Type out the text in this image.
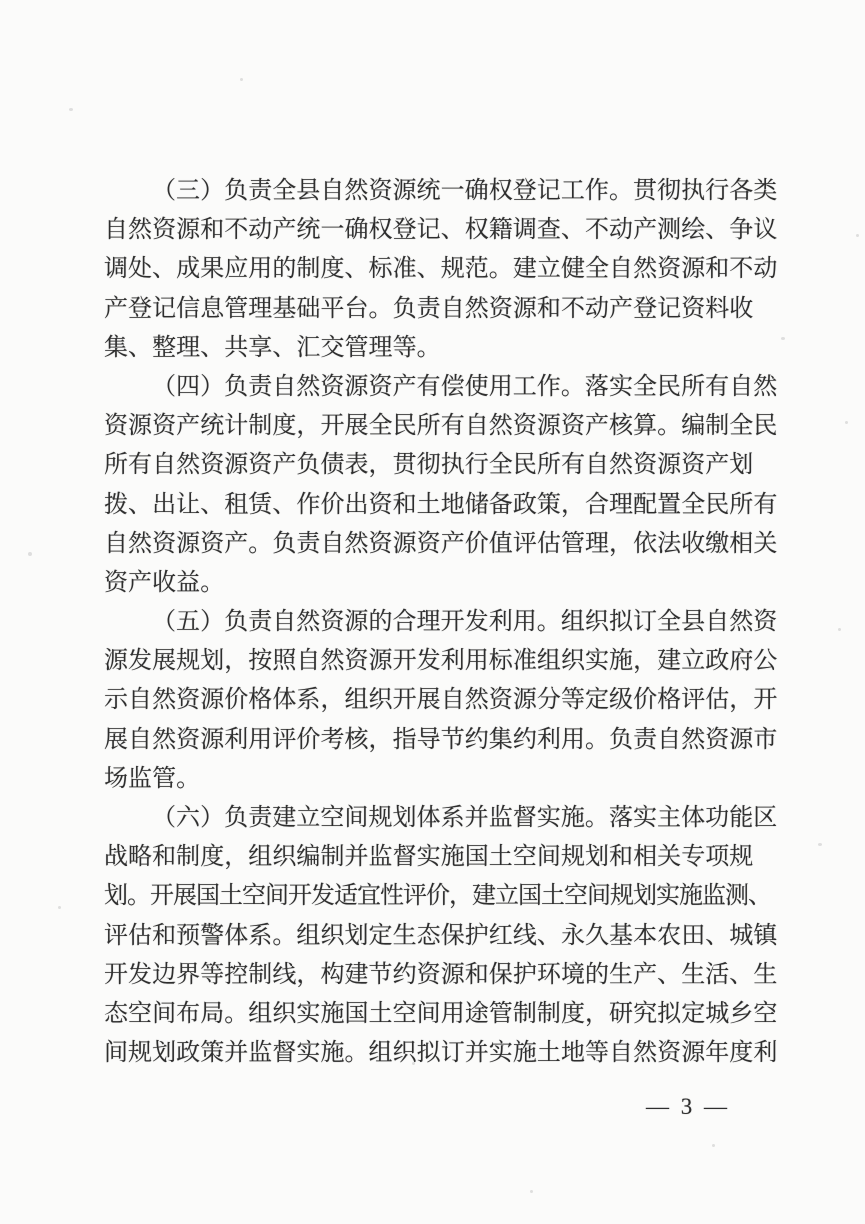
（三）负责全县自然资源统一确权登记工作。贯彻执行各类
自然资源和不动产统一确权登记、权籍调查、不动产测绘、争议
调处、成果应用的制度、标准、规范。建立健全自然资源和不动
产登记信息管理基础平台。负责自然资源和不动产登记资料收
集、整理、共享、汇交管理等。
（四）负责自然资源资产有偿使用工作。落实全民所有自然
资源资产统计制度，开展全民所有自然资源资产核算。编制全民
所有自然资源资产负债表，贯彻执行全民所有自然资源资产划
拨、出让、租赁、作价出资和土地储备政策，合理配置全民所有
自然资源资产。负责自然资源资产价值评估管理，依法收缴相关
资产收益。
（五）负责自然资源的合理开发利用。组织拟订全县自然资
源发展规划，按照自然资源开发利用标准组织实施，建立政府公
示自然资源价格体系，组织开展自然资源分等定级价格评估，开
展自然资源利用评价考核，指导节约集约利用。负责自然资源市
场监管。
（六）负责建立空间规划体系并监督实施。落实主体功能区
战略和制度，组织编制并监督实施国土空间规划和相关专项规
划。开展国土空间开发适宜性评价，建立国土空间规划实施监测、
评估和预警体系。组织划定生态保护红线、永久基本农田、城镇
开发边界等控制线，构建节约资源和保护环境的生产、生活、生
态空间布局。组织实施国土空间用途管制制度，研究拟定城乡空
间规划政策并监督实施。组织拟订并实施土地等自然资源年度利
— 3 —
